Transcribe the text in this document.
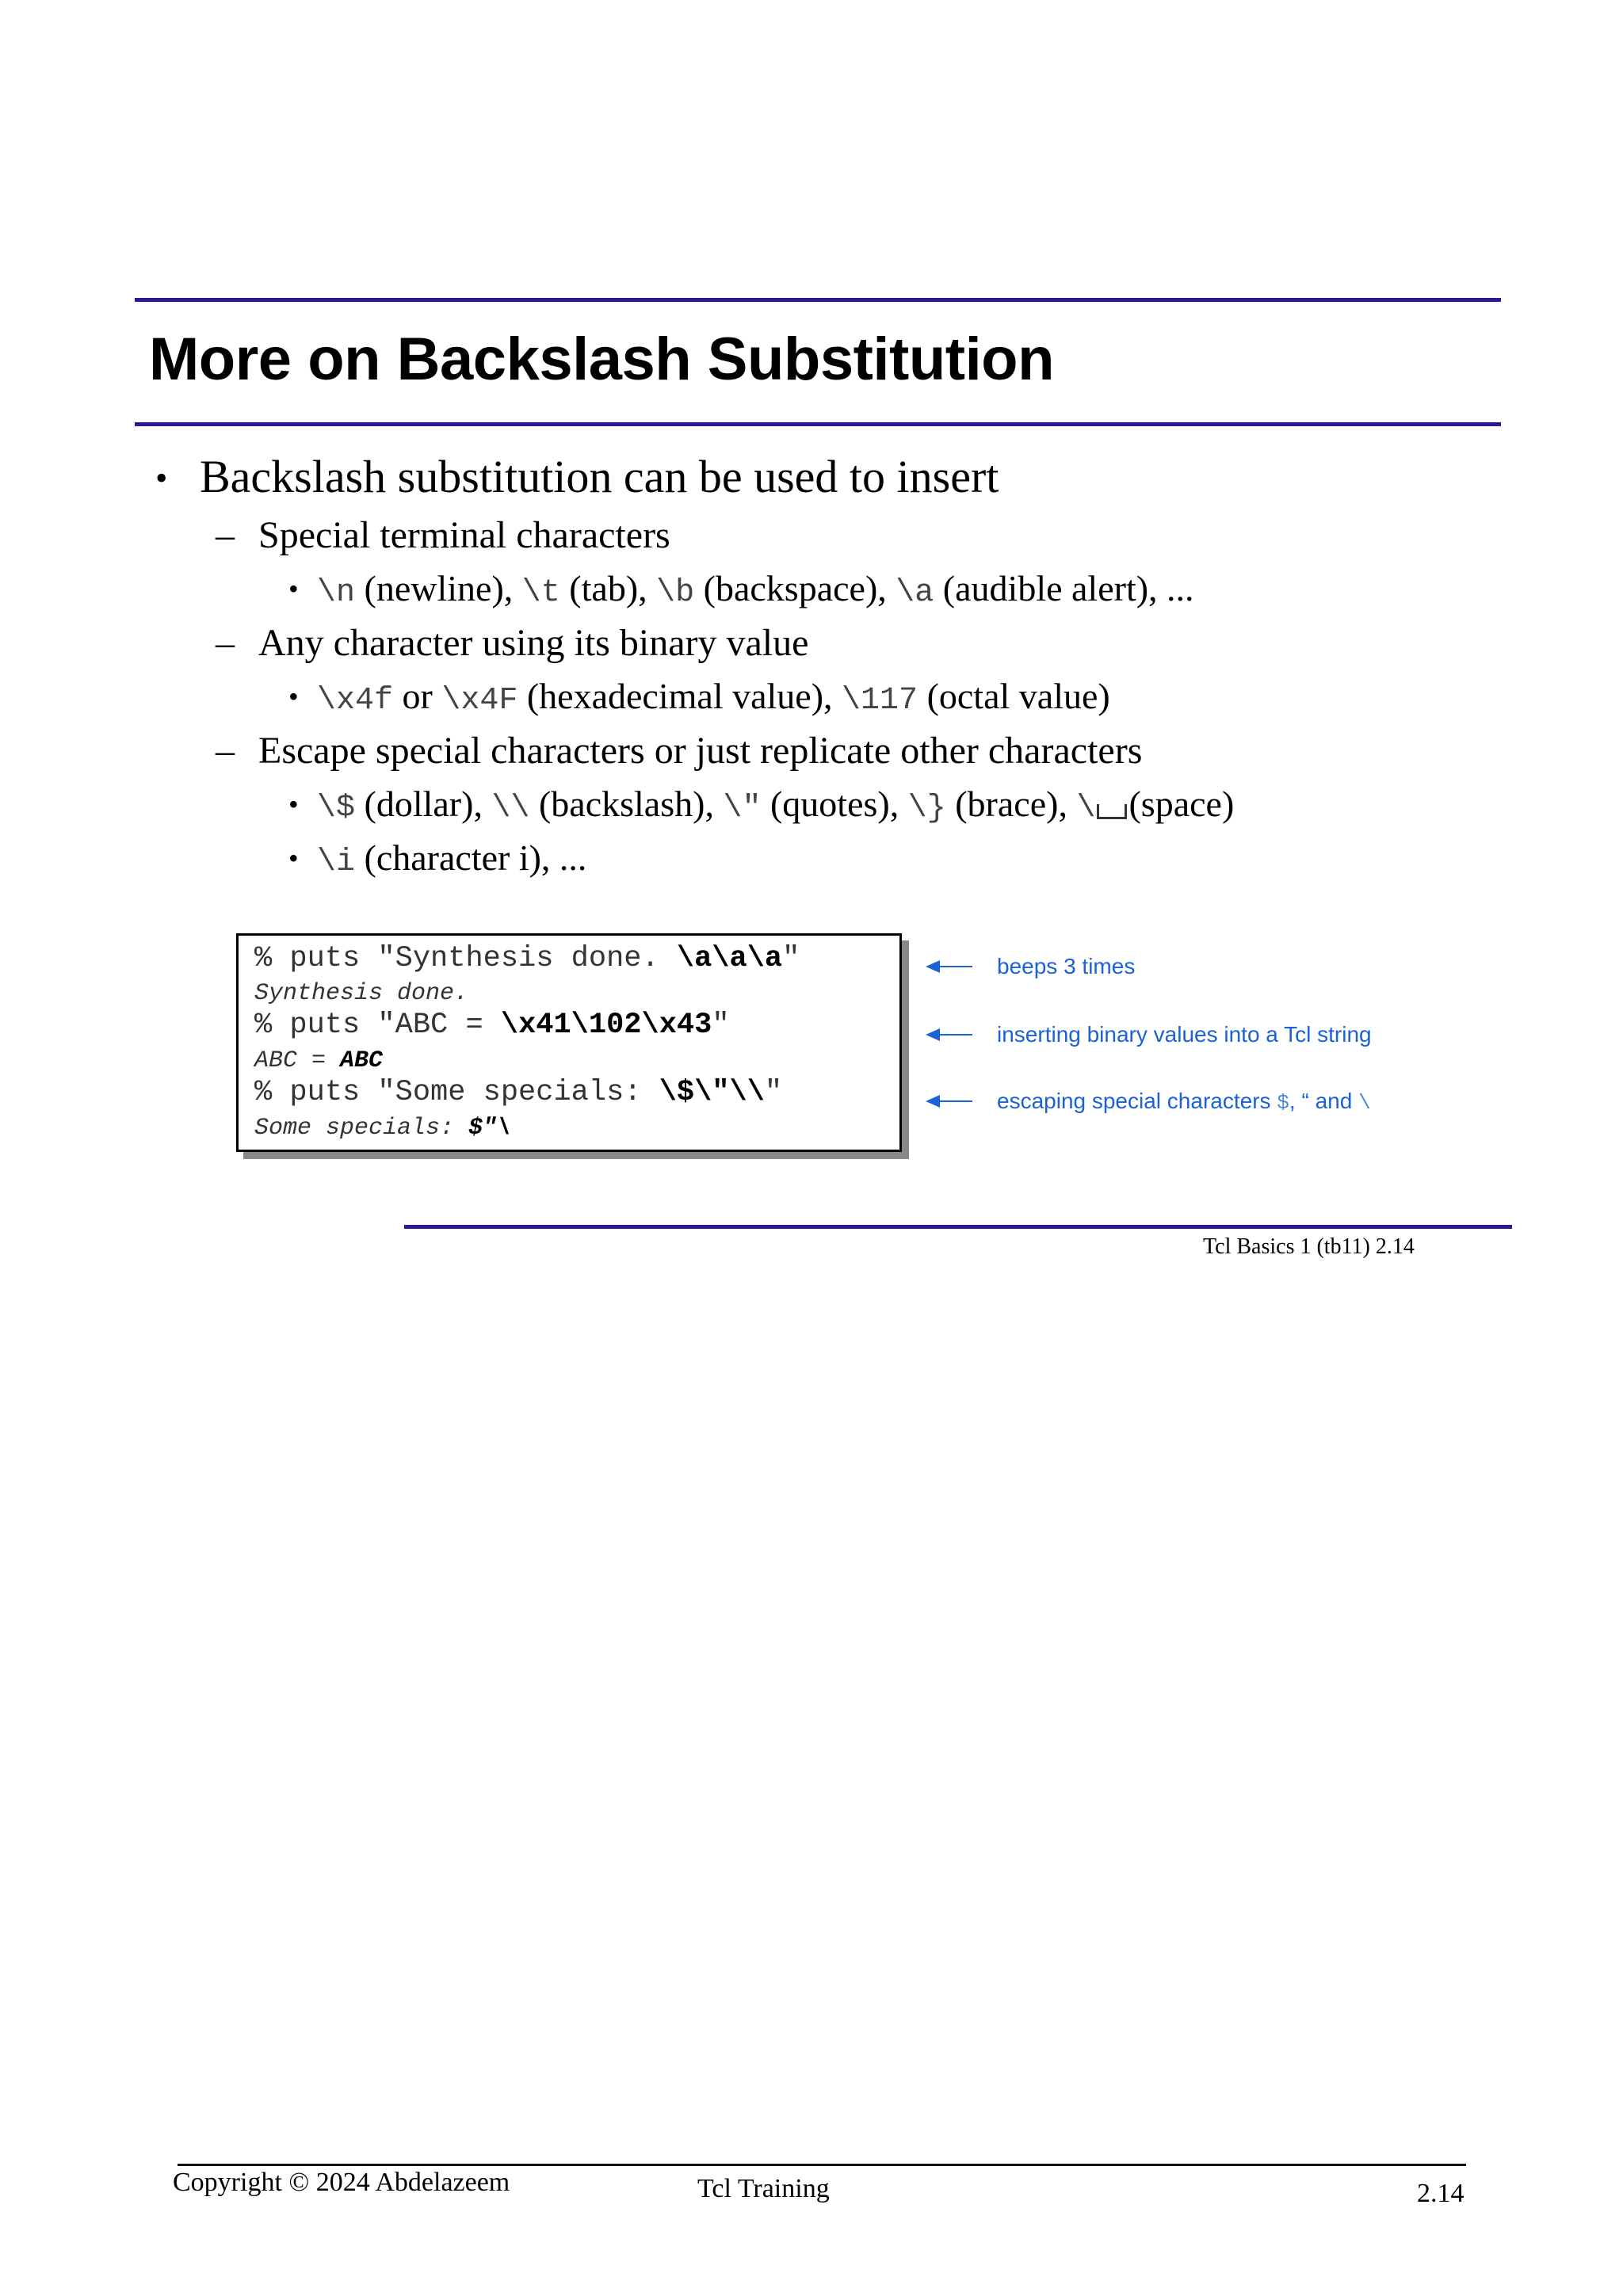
More on Backslash Substitution
• Backslash substitution can be used to insert
– Special terminal characters
• \n (newline), \t (tab), \b (backspace), \a (audible alert), ...
– Any character using its binary value
• \x4f or \x4F (hexadecimal value), \117 (octal value)
– Escape special characters or just replicate other characters
• \$ (dollar), \\ (backslash), \" (quotes), \} (brace), \ (space)
• \i (character i), ...
% puts "Synthesis done. \a\a\a"
Synthesis done.
% puts "ABC = \x41\102\x43"
ABC = ABC
% puts "Some specials: \$\"\\"
Some specials: $"\
beeps 3 times
inserting binary values into a Tcl string
escaping special characters $, “ and \
Tcl Basics 1 (tb11) 2.14
Copyright © 2024 Abdelazeem	Tcl Training	2.14
